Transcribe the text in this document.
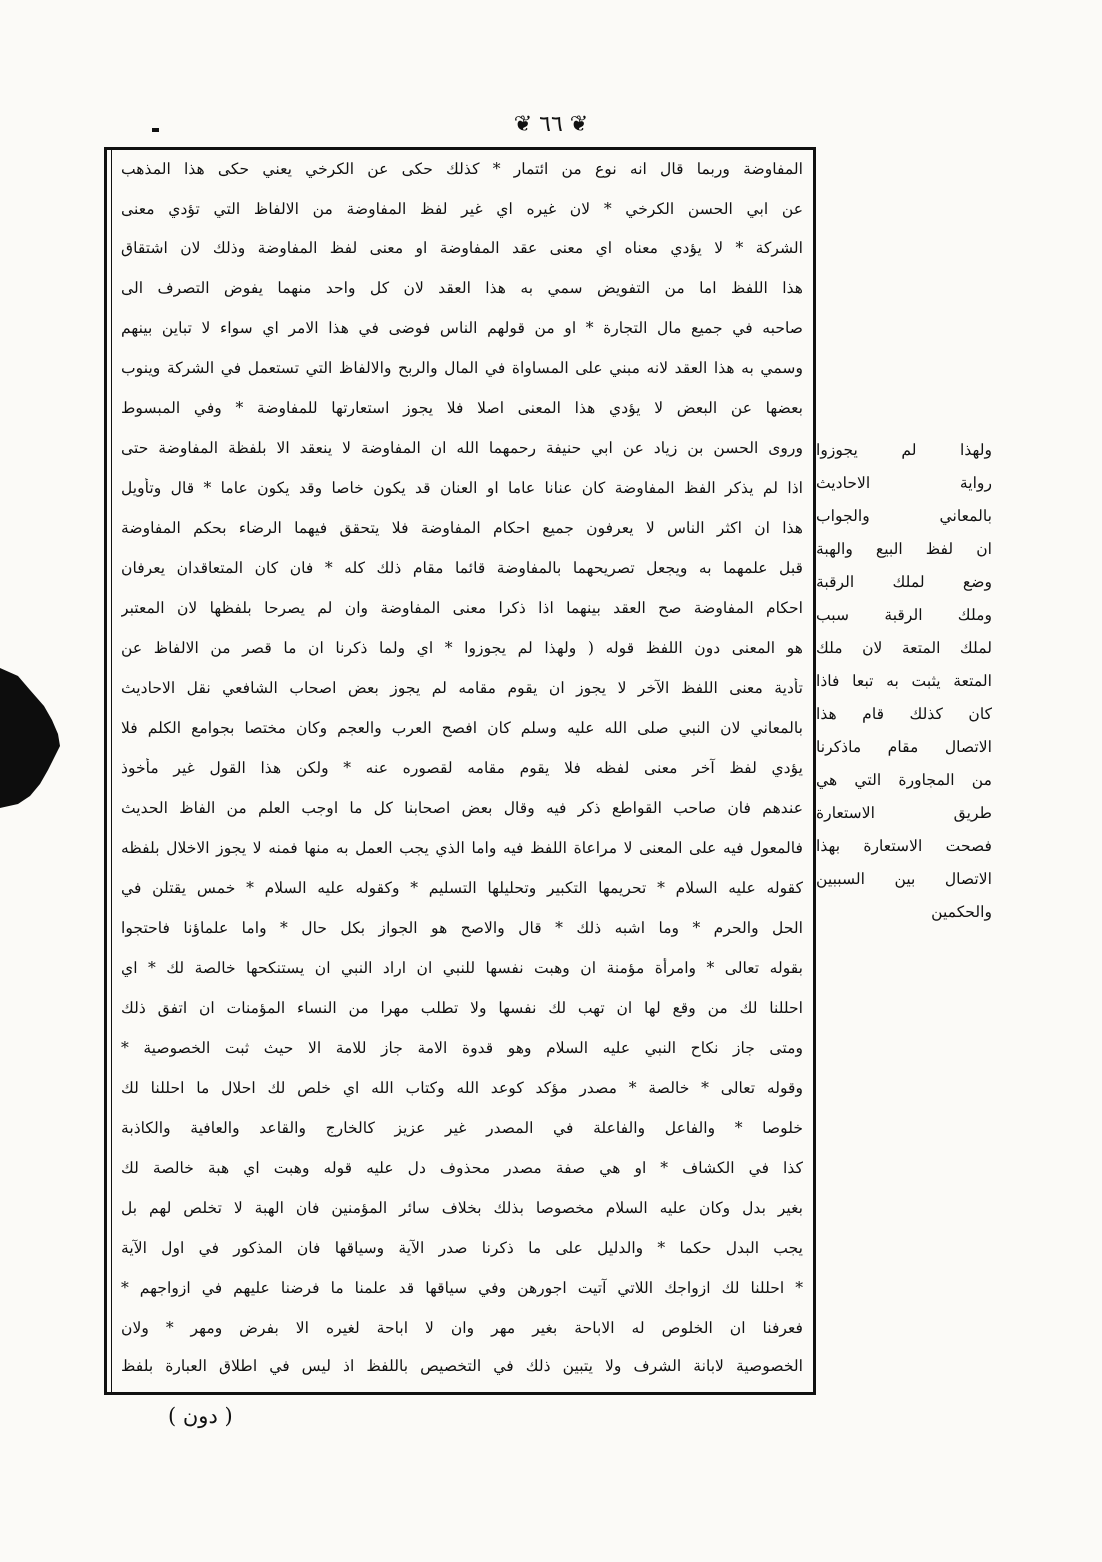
❦ ٦٦ ❦
المفاوضة وربما قال انه نوع من ائتمار * كذلك حكى عن الكرخي يعني حكى هذا المذهب
عن ابي الحسن الكرخي * لان غيره اي غير لفظ المفاوضة من الالفاظ التي تؤدي معنى
الشركة * لا يؤدي معناه اي معنى عقد المفاوضة او معنى لفظ المفاوضة وذلك لان اشتقاق
هذا اللفظ اما من التفويض سمي به هذا العقد لان كل واحد منهما يفوض التصرف الى
صاحبه في جميع مال التجارة * او من قولهم الناس فوضى في هذا الامر اي سواء لا تباين بينهم
وسمي به هذا العقد لانه مبني على المساواة في المال والربح والالفاظ التي تستعمل في الشركة وينوب
بعضها عن البعض لا يؤدي هذا المعنى اصلا فلا يجوز استعارتها للمفاوضة * وفي المبسوط
وروى الحسن بن زياد عن ابي حنيفة رحمهما الله ان المفاوضة لا ينعقد الا بلفظة المفاوضة حتى
اذا لم يذكر الفظ المفاوضة كان عنانا عاما او العنان قد يكون خاصا وقد يكون عاما * قال وتأويل
هذا ان اكثر الناس لا يعرفون جميع احكام المفاوضة فلا يتحقق فيهما الرضاء بحكم المفاوضة
قبل علمهما به ويجعل تصريحهما بالمفاوضة قائما مقام ذلك كله * فان كان المتعاقدان يعرفان
احكام المفاوضة صح العقد بينهما اذا ذكرا معنى المفاوضة وان لم يصرحا بلفظها لان المعتبر
هو المعنى دون اللفظ قوله ( ولهذا لم يجوزوا * اي ولما ذكرنا ان ما قصر من الالفاظ عن
تأدية معنى اللفظ الآخر لا يجوز ان يقوم مقامه لم يجوز بعض اصحاب الشافعي نقل الاحاديث
بالمعاني لان النبي صلى الله عليه وسلم كان افصح العرب والعجم وكان مختصا بجوامع الكلم فلا
يؤدي لفظ آخر معنى لفظه فلا يقوم مقامه لقصوره عنه * ولكن هذا القول غير مأخوذ
عندهم فان صاحب القواطع ذكر فيه وقال بعض اصحابنا كل ما اوجب العلم من الفاظ الحديث
فالمعول فيه على المعنى لا مراعاة اللفظ فيه واما الذي يجب العمل به منها فمنه لا يجوز الاخلال بلفظه
كقوله عليه السلام * تحريمها التكبير وتحليلها التسليم * وكقوله عليه السلام * خمس يقتلن في
الحل والحرم * وما اشبه ذلك * قال والاصح هو الجواز بكل حال * واما علماؤنا فاحتجوا
بقوله تعالى * وامرأة مؤمنة ان وهبت نفسها للنبي ان اراد النبي ان يستنكحها خالصة لك * اي
احللنا لك من وقع لها ان تهب لك نفسها ولا تطلب مهرا من النساء المؤمنات ان اتفق ذلك
ومتى جاز نكاح النبي عليه السلام وهو قدوة الامة جاز للامة الا حيث ثبت الخصوصية *
وقوله تعالى * خالصة * مصدر مؤكد كوعد الله وكتاب الله اي خلص لك احلال ما احللنا لك
خلوصا * والفاعل والفاعلة في المصدر غير عزيز كالخارج والقاعد والعافية والكاذبة
كذا في الكشاف * او هي صفة مصدر محذوف دل عليه قوله وهبت اي هبة خالصة لك
بغير بدل وكان عليه السلام مخصوصا بذلك بخلاف سائر المؤمنين فان الهبة لا تخلص لهم بل
يجب البدل حكما * والدليل على ما ذكرنا صدر الآية وسياقها فان المذكور في اول الآية
* احللنا لك ازواجك اللاتي آتيت اجورهن وفي سياقها قد علمنا ما فرضنا عليهم في ازواجهم *
فعرفنا ان الخلوص له الاباحة بغير مهر وان لا اباحة لغيره الا بفرض ومهر * ولان
الخصوصية لابانة الشرف ولا يتبين ذلك في التخصيص باللفظ اذ ليس في اطلاق العبارة بلفظ
ولهذا لم يجوزوا
رواية الاحاديث
بالمعاني والجواب
ان لفظ البيع والهبة
وضع لملك الرقبة
وملك الرقبة سبب
لملك المتعة لان ملك
المتعة يثبت به تبعا فاذا
كان كذلك قام هذا
الاتصال مقام ماذكرنا
من المجاورة التي هي
طريق الاستعارة
فصحت الاستعارة بهذا
الاتصال بين السببين
والحكمين
( دون )
